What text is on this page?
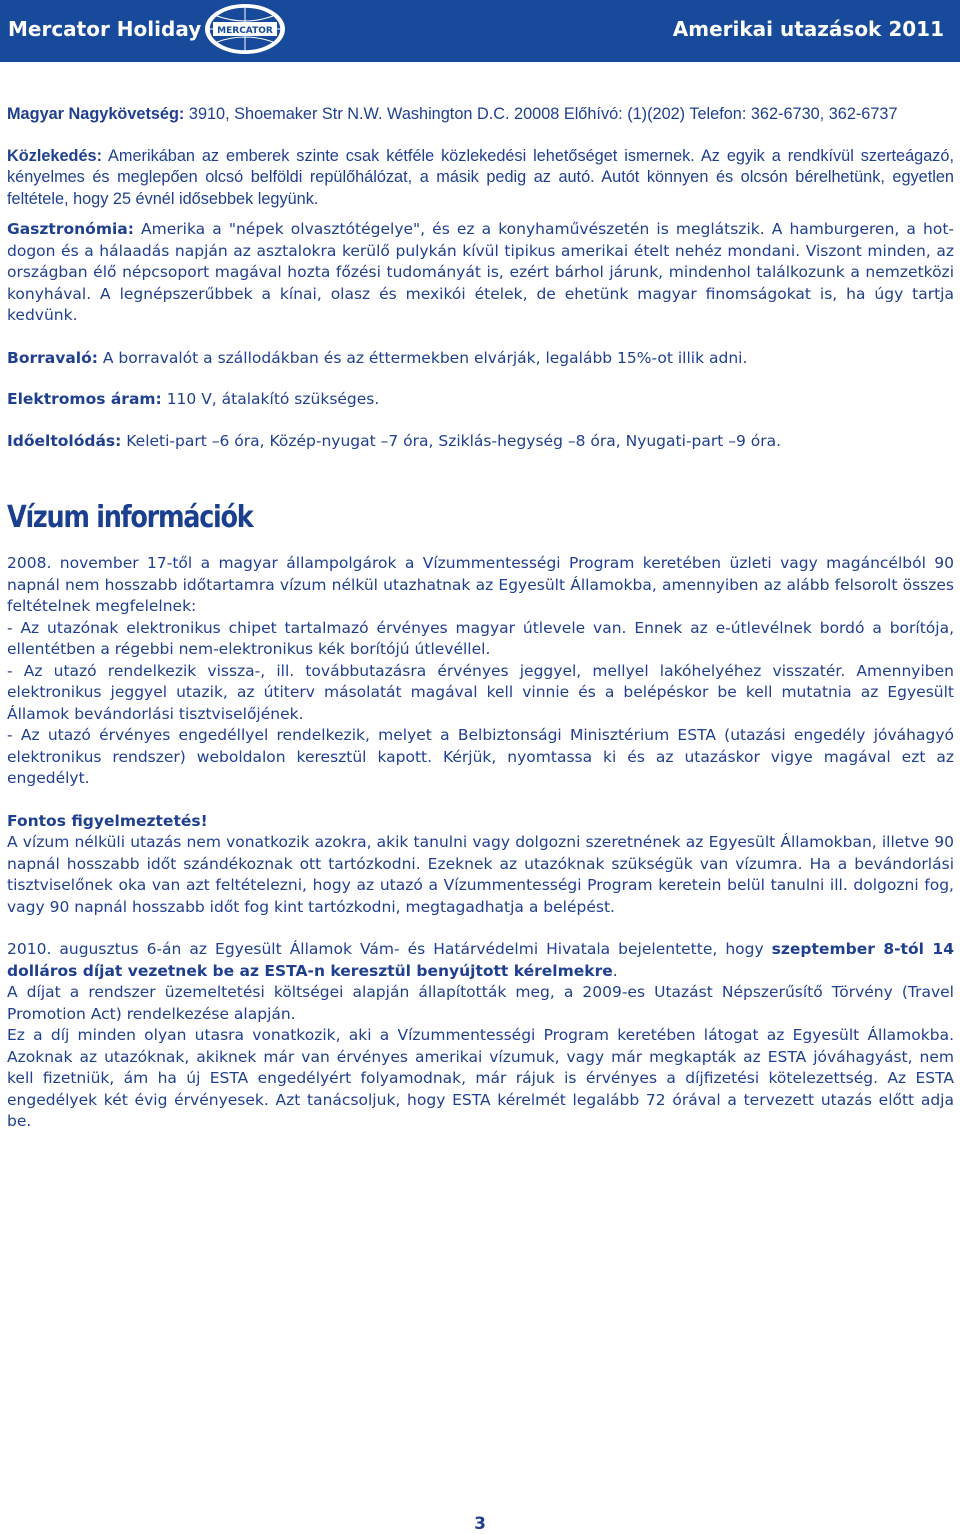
Mercator Holiday MERCATOR	Amerikai utazások 2011

Magyar Nagykövetség: 3910, Shoemaker Str N.W. Washington D.C. 20008 Előhívó: (1)(202) Telefon: 362-6730, 362-6737

Közlekedés: Amerikában az emberek szinte csak kétféle közlekedési lehetőséget ismernek. Az egyik a rendkívül szerteágazó, kényelmes és meglepően olcsó belföldi repülőhálózat, a másik pedig az autó. Autót könnyen és olcsón bérelhetünk, egyetlen feltétele, hogy 25 évnél idősebbek legyünk.

Gasztronómia: Amerika a "népek olvasztótégelye", és ez a konyhaművészetén is meglátszik. A hamburgeren, a hot-dogon és a hálaadás napján az asztalokra kerülő pulykán kívül tipikus amerikai ételt nehéz mondani. Viszont minden, az országban élő népcsoport magával hozta főzési tudományát is, ezért bárhol járunk, mindenhol találkozunk a nemzetközi konyhával. A legnépszerűbbek a kínai, olasz és mexikói ételek, de ehetünk magyar finomságokat is, ha úgy tartja kedvünk.

Borravaló: A borravalót a szállodákban és az éttermekben elvárják, legalább 15%-ot illik adni.

Elektromos áram: 110 V, átalakító szükséges.

Időeltolódás: Keleti-part –6 óra, Közép-nyugat –7 óra, Sziklás-hegység –8 óra, Nyugati-part –9 óra.

Vízum információk

2008. november 17-től a magyar állampolgárok a Vízummentességi Program keretében üzleti vagy magáncélból 90 napnál nem hosszabb időtartamra vízum nélkül utazhatnak az Egyesült Államokba, amennyiben az alább felsorolt összes feltételnek megfelelnek:

- Az utazónak elektronikus chipet tartalmazó érvényes magyar útlevele van. Ennek az e-útlevélnek bordó a borítója, ellentétben a régebbi nem-elektronikus kék borítójú útlevéllel.

- Az utazó rendelkezik vissza-, ill. továbbutazásra érvényes jeggyel, mellyel lakóhelyéhez visszatér. Amennyiben elektronikus jeggyel utazik, az útiterv másolatát magával kell vinnie és a belépéskor be kell mutatnia az Egyesült Államok bevándorlási tisztviselőjének.

- Az utazó érvényes engedéllyel rendelkezik, melyet a Belbiztonsági Minisztérium ESTA (utazási engedély jóváhagyó elektronikus rendszer) weboldalon keresztül kapott. Kérjük, nyomtassa ki és az utazáskor vigye magával ezt az engedélyt.

Fontos figyelmeztetés!

A vízum nélküli utazás nem vonatkozik azokra, akik tanulni vagy dolgozni szeretnének az Egyesült Államokban, illetve 90 napnál hosszabb időt szándékoznak ott tartózkodni. Ezeknek az utazóknak szükségük van vízumra. Ha a bevándorlási tisztviselőnek oka van azt feltételezni, hogy az utazó a Vízummentességi Program keretein belül tanulni ill. dolgozni fog, vagy 90 napnál hosszabb időt fog kint tartózkodni, megtagadhatja a belépést.

2010. augusztus 6-án az Egyesült Államok Vám- és Határvédelmi Hivatala bejelentette, hogy szeptember 8-tól 14 dolláros díjat vezetnek be az ESTA-n keresztül benyújtott kérelmekre.

A díjat a rendszer üzemeltetési költségei alapján állapították meg, a 2009-es Utazást Népszerűsítő Törvény (Travel Promotion Act) rendelkezése alapján.

Ez a díj minden olyan utasra vonatkozik, aki a Vízummentességi Program keretében látogat az Egyesült Államokba. Azoknak az utazóknak, akiknek már van érvényes amerikai vízumuk, vagy már megkapták az ESTA jóváhagyást, nem kell fizetniük, ám ha új ESTA engedélyért folyamodnak, már rájuk is érvényes a díjfizetési kötelezettség. Az ESTA engedélyek két évig érvényesek. Azt tanácsoljuk, hogy ESTA kérelmét legalább 72 órával a tervezett utazás előtt adja be.

3
